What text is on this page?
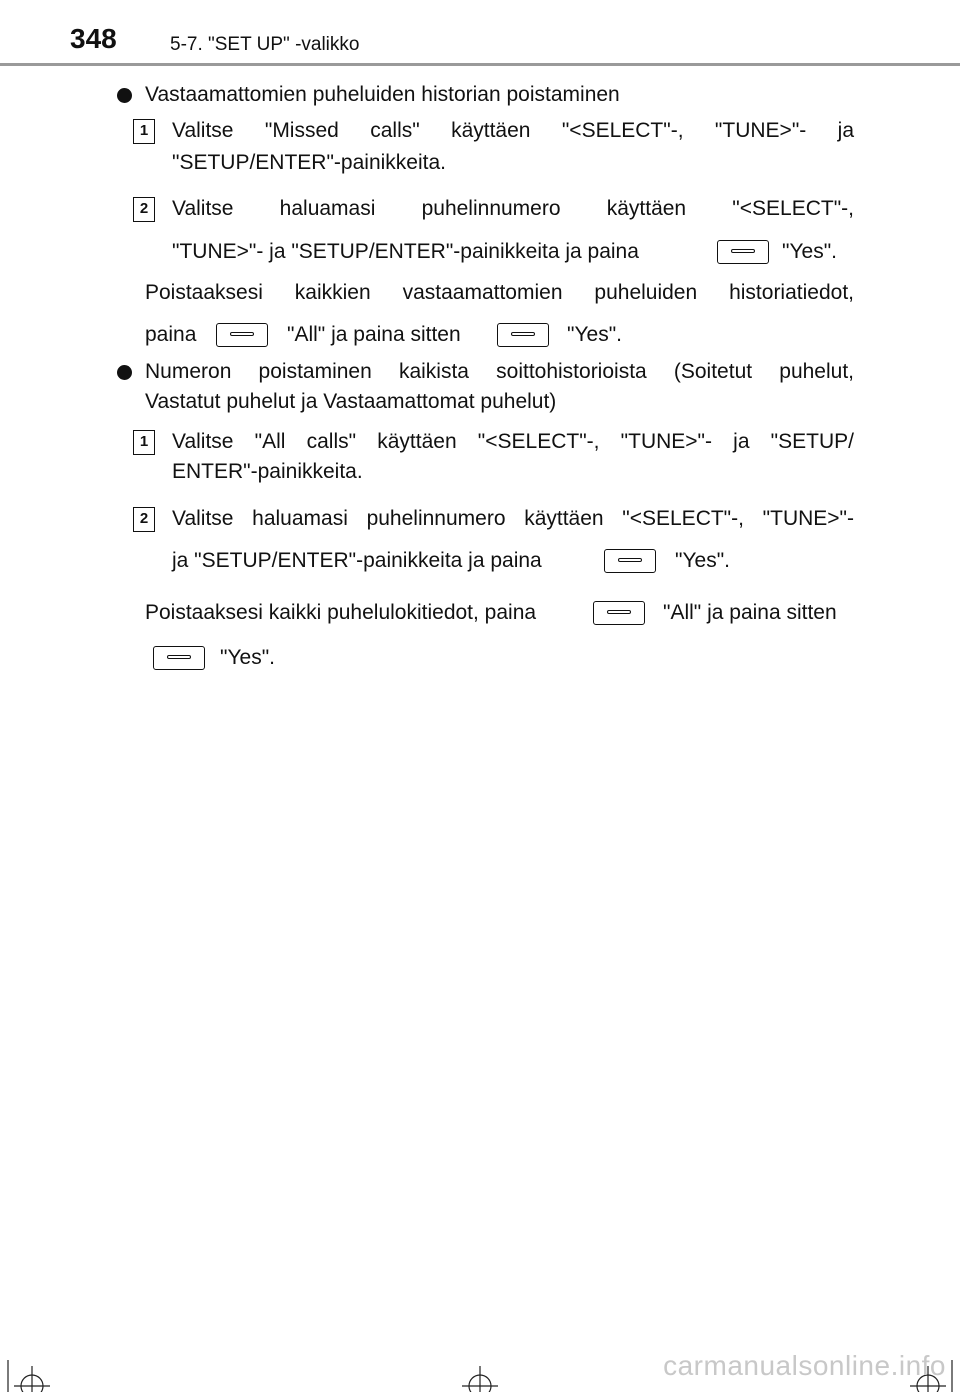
348	5-7. "SET UP" -valikko
Vastaamattomien puheluiden historian poistaminen
1	Valitse "Missed calls" käyttäen "<SELECT"-, "TUNE>"- ja
"SETUP/ENTER"-painikkeita.
2	Valitse haluamasi puhelinnumero käyttäen "<SELECT"-,
"TUNE>"- ja "SETUP/ENTER"-painikkeita ja paina	"Yes".
Poistaaksesi kaikkien vastaamattomien puheluiden historiatiedot,
paina	"All" ja paina sitten	"Yes".
Numeron poistaminen kaikista soittohistorioista (Soitetut puhelut,
Vastatut puhelut ja Vastaamattomat puhelut)
1	Valitse "All calls" käyttäen "<SELECT"-, "TUNE>"- ja "SETUP/
ENTER"-painikkeita.
2	Valitse haluamasi puhelinnumero käyttäen "<SELECT"-, "TUNE>"-
ja "SETUP/ENTER"-painikkeita ja paina	"Yes".
Poistaaksesi kaikki puhelulokitiedot, paina	"All" ja paina sitten
"Yes".
carmanualsonline.info
